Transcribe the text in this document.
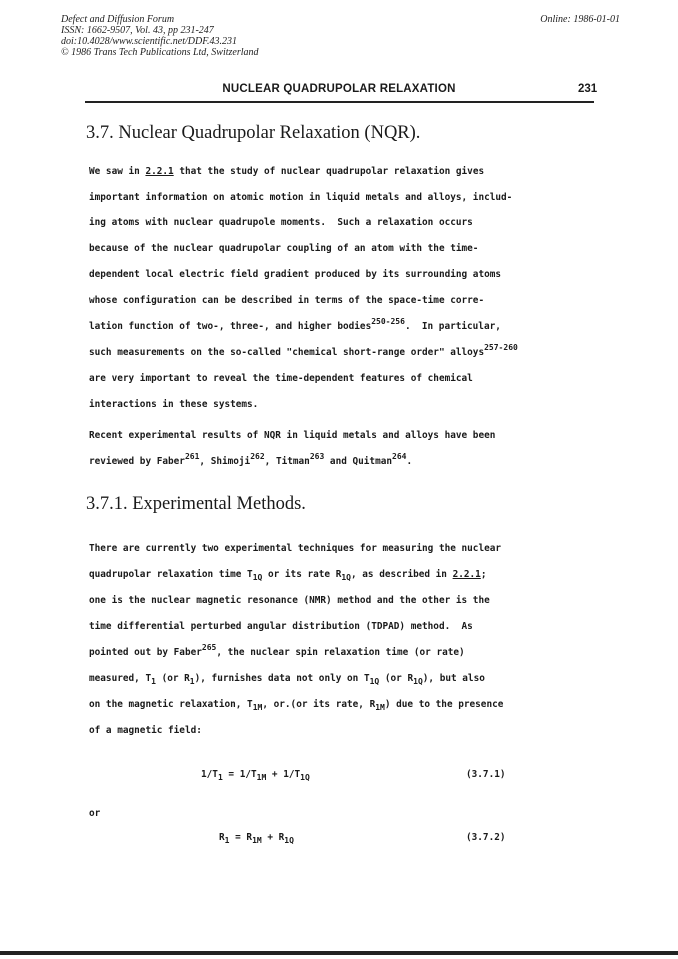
Defect and Diffusion Forum
ISSN: 1662-9507, Vol. 43, pp 231-247
doi:10.4028/www.scientific.net/DDF.43.231
© 1986 Trans Tech Publications Ltd, Switzerland
Online: 1986-01-01
NUCLEAR QUADRUPOLAR RELAXATION	231
3.7. Nuclear Quadrupolar Relaxation (NQR).
We saw in 2.2.1 that the study of nuclear quadrupolar relaxation gives
important information on atomic motion in liquid metals and alloys, includ-
ing atoms with nuclear quadrupole moments.  Such a relaxation occurs
because of the nuclear quadrupolar coupling of an atom with the time-
dependent local electric field gradient produced by its surrounding atoms
whose configuration can be described in terms of the space-time corre-
lation function of two-, three-, and higher bodies$^{250-256}$.  In particular,
such measurements on the so-called "chemical short-range order" alloys$^{257-260}$
are very important to reveal the time-dependent features of chemical
interactions in these systems.
Recent experimental results of NQR in liquid metals and alloys have been
reviewed by Faber$^{261}$, Shimoji$^{262}$, Titman$^{263}$ and Quitman$^{264}$.
3.7.1. Experimental Methods.
There are currently two experimental techniques for measuring the nuclear
quadrupolar relaxation time $T_{1Q}$ or its rate $R_{1Q}$, as described in 2.2.1;
one is the nuclear magnetic resonance (NMR) method and the other is the
time differential perturbed angular distribution (TDPAD) method.  As
pointed out by Faber$^{265}$, the nuclear spin relaxation time (or rate)
measured, $T_1$ (or $R_1$), furnishes data not only on $T_{1Q}$ (or $R_{1Q}$), but also
on the magnetic relaxation, $T_{1M}$, or.(or its rate, $R_{1M}$) due to the presence
of a magnetic field:
$1/T_1 = 1/T_{1M} + 1/T_{1Q}$	(3.7.1)
or
$R_1 = R_{1M} + R_{1Q}$	(3.7.2)
